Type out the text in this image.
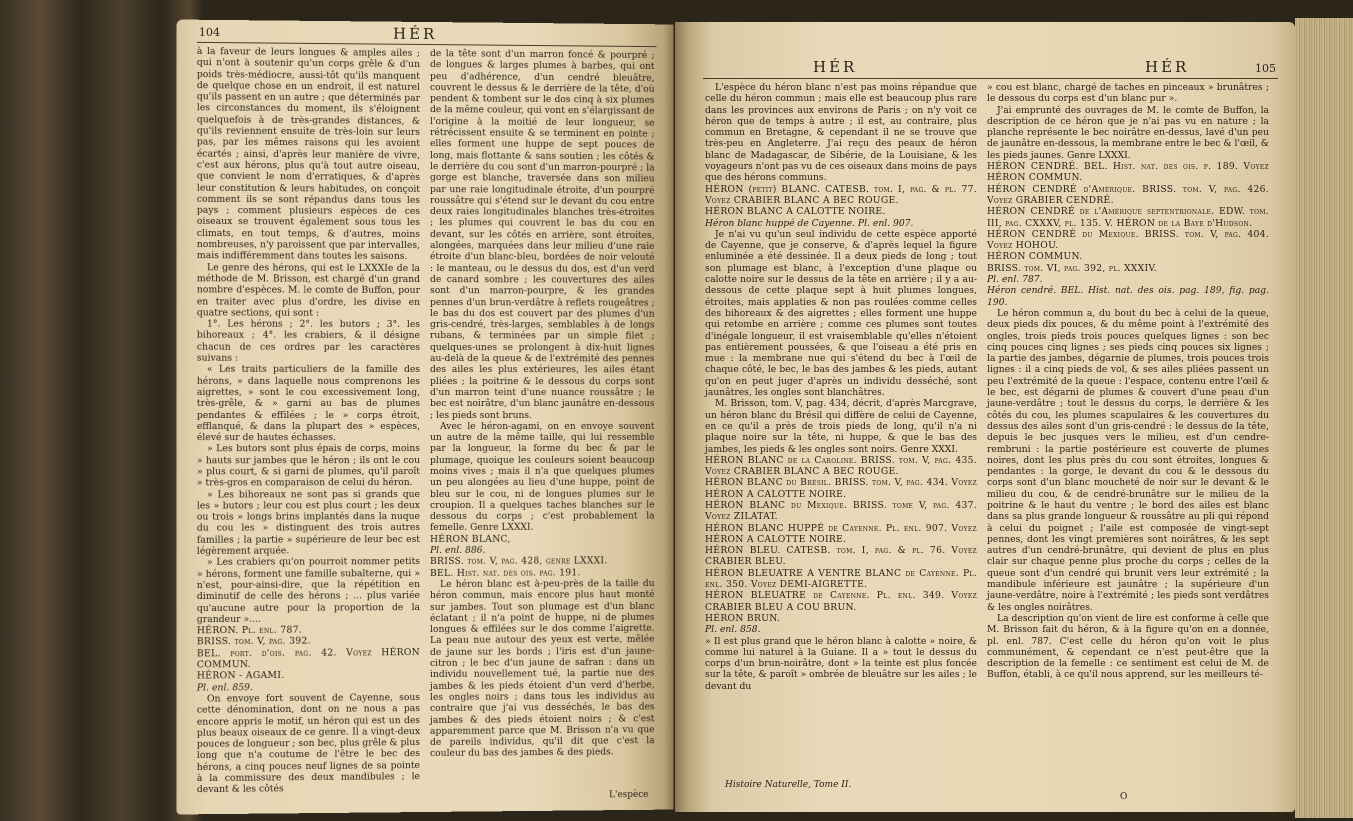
104	HÉR

à la faveur de leurs longues & amples ailes ; qui n'ont à soutenir qu'un corps grêle & d'un poids très-médiocre, aussi-tôt qu'ils manquent de quelque chose en un endroit, il est naturel qu'ils passent en un autre ; que déterminés par les circonstances du moment, ils s'éloignent quelquefois à de très-grandes distances, & qu'ils reviennent ensuite de très-loin sur leurs pas, par les mêmes raisons qui les avoient écartés ; ainsi, d'après leur manière de vivre, c'est aux hérons, plus qu'à tout autre oiseau, que convient le nom d'erratiques, & d'après leur constitution & leurs habitudes, on conçoit comment ils se sont répandus dans tous les pays ; comment plusieurs espèces de ces oiseaux se trouvent également sous tous les climats, en tout temps, & d'autres, moins nombreuses, n'y paroissent que par intervalles, mais indifféremment dans toutes les saisons.

Le genre des hérons, qui est le LXXXIe de la méthode de M. Brisson, est chargé d'un grand nombre d'espèces. M. le comte de Buffon, pour en traiter avec plus d'ordre, les divise en quatre sections, qui sont :

1°. Les hérons ; 2°. les butors ; 3°. les bihoreaux ; 4°. les crabiers, & il désigne chacun de ces ordres par les caractères suivans :

« Les traits particuliers de la famille des hérons, » dans laquelle nous comprenons les aigrettes, » sont le cou excessivement long, très-grêle, & » garni au bas de plumes pendantes & effilées ; le » corps étroit, efflanqué, & dans la plupart des » espèces, élevé sur de hautes échasses.

» Les butors sont plus épais de corps, moins » hauts sur jambes que le héron ; ils ont le cou » plus court, & si garni de plumes, qu'il paroît » très-gros en comparaison de celui du héron.

» Les bihoreaux ne sont pas si grands que les » butors ; leur cou est plus court ; les deux ou trois » longs brins implantés dans la nuque du cou les » distinguent des trois autres familles ; la partie » supérieure de leur bec est légèrement arquée.

» Les crabiers qu'on pourroit nommer petits » hérons, forment une famille subalterne, qui » n'est, pour-ainsi-dire, que la répétition en diminutif de celle des hérons ; ... plus variée qu'aucune autre pour la proportion de la grandeur »....

HÉRON. Pl. enl. 787.

BRISS. tom. V, pag. 392.

BEL. port. d'ois. pag. 42. Voyez HÉRON COMMUN.

HÉRON - AGAMI.

Pl. enl. 859.

On envoye fort souvent de Cayenne, sous cette dénomination, dont on ne nous a pas encore appris le motif, un héron qui est un des plus beaux oiseaux de ce genre. Il a vingt-deux pouces de longueur ; son bec, plus grêle & plus long que n'a coutume de l'être le bec des hérons, a cinq pouces neuf lignes de sa pointe à la commissure des deux mandibules ; le devant & les côtés

de la tête sont d'un marron foncé & pourpré ; de longues & larges plumes à barbes, qui ont peu d'adhérence, d'un cendré bleuâtre, couvrent le dessus & le derrière de la tête, d'où pendent & tombent sur le dos cinq à six plumes de la même couleur, qui vont en s'élargissant de l'origine à la moitié de leur longueur, se rétrécissent ensuite & se terminent en pointe ; elles forment une huppe de sept pouces de long, mais flottante & sans soutien ; les côtés & le derrière du cou sont d'un marron-pourpré ; la gorge est blanche, traversée dans son milieu par une raie longitudinale étroite, d'un pourpré roussâtre qui s'étend sur le devant du cou entre deux raies longitudinales blanches très-étroites ; les plumes qui couvrent le bas du cou en devant, sur les côtés en arrière, sont étroites, alongées, marquées dans leur milieu d'une raie étroite d'un blanc-bleu, bordées de noir velouté : le manteau, ou le dessus du dos, est d'un verd de canard sombre ; les couvertures des ailes sont d'un marron-pourpre, & les grandes pennes d'un brun-verdâtre à reflets rougeâtres ; le bas du dos est couvert par des plumes d'un gris-cendré, très-larges, semblables à de longs rubans, & terminées par un simple filet ; quelques-unes se prolongent à dix-huit lignes au-delà de la queue & de l'extrémité des pennes des ailes les plus extérieures, les ailes étant pliées ; la poitrine & le dessous du corps sont d'un marron teint d'une nuance roussâtre ; le bec est noirâtre, d'un blanc jaunâtre en-dessous ; les pieds sont bruns.

Avec le héron-agami, on en envoye souvent un autre de la même taille, qui lui ressemble par la longueur, la forme du bec & par le plumage, quoique les couleurs soient beaucoup moins vives ; mais il n'a que quelques plumes un peu alongées au lieu d'une huppe, point de bleu sur le cou, ni de longues plumes sur le croupion. Il a quelques taches blanches sur le dessous du corps ; c'est probablement la femelle. Genre LXXXI.

HÉRON BLANC,

Pl. enl. 886.

BRISS. tom. V, pag. 428, genre LXXXI.

BEL. Hist. nat. des ois. pag. 191.

Le héron blanc est à-peu-près de la taille du héron commun, mais encore plus haut monté sur jambes. Tout son plumage est d'un blanc éclatant ; il n'a point de huppe, ni de plumes longues & effilées sur le dos comme l'aigrette. La peau nue autour des yeux est verte, mêlée de jaune sur les bords ; l'iris est d'un jaune-citron ; le bec d'un jaune de safran : dans un individu nouvellement tué, la partie nue des jambes & les pieds étoient d'un verd d'herbe, les ongles noirs ; dans tous les individus au contraire que j'ai vus desséchés, le bas des jambes & des pieds étoient noirs ; & c'est apparemment parce que M. Brisson n'a vu que de pareils individus, qu'il dit que c'est la couleur du bas des jambes & des pieds.

L'espèce
HÉR	HÉR	105

L'espèce du héron blanc n'est pas moins répandue que celle du héron commun ; mais elle est beaucoup plus rare dans les provinces aux environs de Paris ; on n'y voit ce héron que de temps à autre ; il est, au contraire, plus commun en Bretagne, & cependant il ne se trouve que très-peu en Angleterre. J'ai reçu des peaux de héron blanc de Madagascar, de Sibérie, de la Louisiane, & les voyageurs n'ont pas vu de ces oiseaux dans moins de pays que des hérons communs.

HÉRON (petit) BLANC. CATESB. tom. I, pag. & pl. 77. Voyez CRABIER BLANC A BEC ROUGE.

HÉRON BLANC A CALOTTE NOIRE.

Héron blanc huppé de Cayenne. Pl. enl. 907.

Je n'ai vu qu'un seul individu de cette espèce apporté de Cayenne, que je conserve, & d'après lequel la figure enluminée a été dessinée. Il a deux pieds de long ; tout son plumage est blanc, à l'exception d'une plaque ou calotte noire sur le dessus de la tête en arrière ; il y a au-dessous de cette plaque sept à huit plumes longues, étroites, mais applaties & non pas roulées comme celles des bihoreaux & des aigrettes ; elles forment une huppe qui retombe en arrière ; comme ces plumes sont toutes d'inégale longueur, il est vraisemblable qu'elles n'étoient pas entièrement poussées, & que l'oiseau a été pris en mue : la membrane nue qui s'étend du bec à l'œil de chaque côté, le bec, le bas des jambes & les pieds, autant qu'on en peut juger d'après un individu desséché, sont jaunâtres, les ongles sont blanchâtres.

M. Brisson, tom. V, pag. 434, décrit, d'après Marcgrave, un héron blanc du Brésil qui diffère de celui de Cayenne, en ce qu'il a près de trois pieds de long, qu'il n'a ni plaque noire sur la tête, ni huppe, & que le bas des jambes, les pieds & les ongles sont noirs. Genre XXXI.

HÉRON BLANC de la Caroline. BRISS. tom. V, pag. 435. Voyez CRABIER BLANC A BEC ROUGE.

HÉRON BLANC du Brésil. BRISS. tom. V, pag. 434. Voyez HÉRON A CALOTTE NOIRE.

HÉRON BLANC du Mexique. BRISS. tome V, pag. 437. Voyez ZILATAT.

HÉRON BLANC HUPPÉ de Cayenne. Pl. enl. 907. Voyez HÉRON A CALOTTE NOIRE.

HÉRON BLEU. CATESB. tom. I, pag. & pl. 76. Voyez CRABIER BLEU.

HÉRON BLEUATRE A VENTRE BLANC de Cayenne. Pl. enl. 350. Voyez DEMI-AIGRETTE.

HÉRON BLEUATRE de Cayenne. Pl. enl. 349. Voyez CRABIER BLEU A COU BRUN.

HÉRON BRUN.

Pl. enl. 858.

» Il est plus grand que le héron blanc à calotte » noire, & comme lui naturel à la Guiane. Il a » tout le dessus du corps d'un brun-noirâtre, dont » la teinte est plus foncée sur la tête, & paroît » ombrée de bleuâtre sur les ailes ; le devant du

» cou est blanc, chargé de taches en pinceaux » brunâtres ; le dessous du corps est d'un blanc pur ».

J'ai emprunté des ouvrages de M. le comte de Buffon, la description de ce héron que je n'ai pas vu en nature ; la planche représente le bec noirâtre en-dessus, lavé d'un peu de jaunâtre en-dessous, la membrane entre le bec & l'œil, & les pieds jaunes. Genre LXXXI.

HÉRON CENDRÉ. BEL. Hist. nat. des ois. p. 189. Voyez HÉRON COMMUN.

HÉRON CENDRÉ d'Amérique. BRISS. tom. V, pag. 426. Voyez GRABIER CENDRÉ.

HÉRON CENDRÉ de l'Amérique septentrionale. EDW. tom. III, pag. CXXXV, pl. 135. V. HÉRON de la Baye d'Hudson.

HÉRON CENDRÉ du Mexique. BRISS. tom. V, pag. 404. Voyez HOHOU.

HÉRON COMMUN.

BRISS. tom. VI, pag. 392, pl. XXXIV.

Pl. enl. 787.

Héron cendré. BEL. Hist. nat. des ois. pag. 189, fig. pag. 190.

Le héron commun a, du bout du bec à celui de la queue, deux pieds dix pouces, & du même point à l'extrémité des ongles, trois pieds trois pouces quelques lignes : son bec cinq pouces cinq lignes ; ses pieds cinq pouces six lignes ; la partie des jambes, dégarnie de plumes, trois pouces trois lignes : il a cinq pieds de vol, & ses ailes pliées passent un peu l'extrémité de la queue : l'espace, contenu entre l'œil & le bec, est dégarni de plumes & couvert d'une peau d'un jaune-verdâtre ; tout le dessus du corps, le derrière & les côtés du cou, les plumes scapulaires & les couvertures du dessus des ailes sont d'un gris-cendré : le dessus de la tête, depuis le bec jusques vers le milieu, est d'un cendre-rembruni : la partie postérieure est couverte de plumes noires, dont les plus près du cou sont étroites, longues & pendantes : la gorge, le devant du cou & le dessous du corps sont d'un blanc moucheté de noir sur le devant & le milieu du cou, & de cendré-brunâtre sur le milieu de la poitrine & le haut du ventre ; le bord des ailes est blanc dans sa plus grande longueur & roussâtre au pli qui répond à celui du poignet ; l'aile est composée de vingt-sept pennes, dont les vingt premières sont noirâtres, & les sept autres d'un cendré-brunâtre, qui devient de plus en plus clair sur chaque penne plus proche du corps ; celles de la queue sont d'un cendré qui brunit vers leur extrémité ; la mandibule inférieure est jaunâtre ; la supérieure d'un jaune-verdâtre, noire à l'extrémité ; les pieds sont verdâtres & les ongles noirâtres.

La description qu'on vient de lire est conforme à celle que M. Brisson fait du héron, & à la figure qu'on en a donnée, pl. enl. 787. C'est celle du héron qu'on voit le plus communément, & cependant ce n'est peut-être que la description de la femelle : ce sentiment est celui de M. de Buffon, établi, à ce qu'il nous apprend, sur les meilleurs té-

Histoire Naturelle, Tome II.
O
